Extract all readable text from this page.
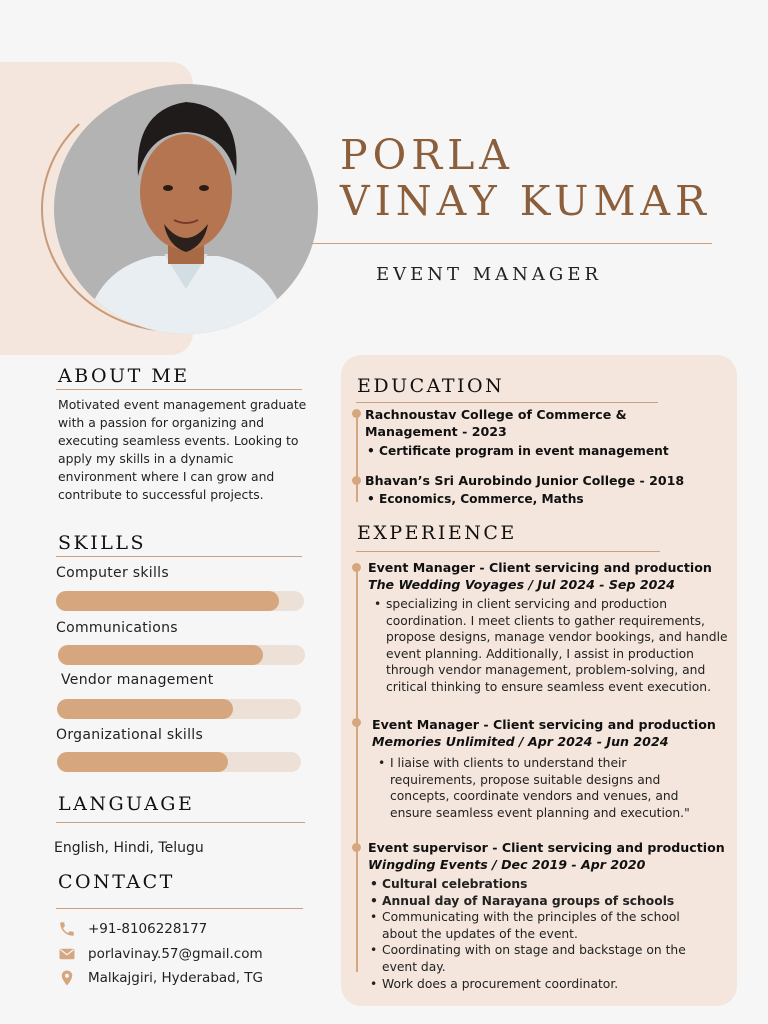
PORLA
VINAY KUMAR
EVENT MANAGER
ABOUT ME
Motivated event management graduate with a passion for organizing and executing seamless events. Looking to apply my skills in a dynamic environment where I can grow and contribute to successful projects.
SKILLS
Computer skills
Communications
Vendor management
Organizational skills
LANGUAGE
English, Hindi, Telugu
CONTACT
+91-8106228177
porlavinay.57@gmail.com
Malkajgiri, Hyderabad, TG
EDUCATION
Rachnoustav College of Commerce &
Management - 2023
• Certificate program in event management
Bhavan’s Sri Aurobindo Junior College - 2018
• Economics, Commerce, Maths
EXPERIENCE
Event Manager - Client servicing and production
The Wedding Voyages / Jul 2024 - Sep 2024
• specializing in client servicing and production coordination. I meet clients to gather requirements, propose designs, manage vendor bookings, and handle event planning. Additionally, I assist in production through vendor management, problem-solving, and critical thinking to ensure seamless event execution.
Event Manager - Client servicing and production
Memories Unlimited / Apr 2024 - Jun 2024
• I liaise with clients to understand their requirements, propose suitable designs and concepts, coordinate vendors and venues, and ensure seamless event planning and execution."
Event supervisor - Client servicing and production
Wingding Events / Dec 2019 - Apr 2020
• Cultural celebrations
• Annual day of Narayana groups of schools
• Communicating with the principles of the school about the updates of the event.
• Coordinating with on stage and backstage on the event day.
• Work does a procurement coordinator.
